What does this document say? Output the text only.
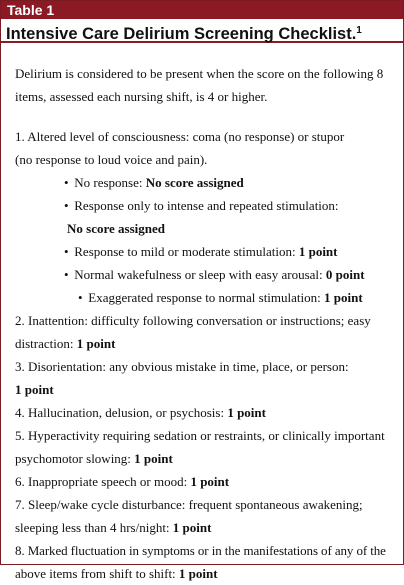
Table 1
Intensive Care Delirium Screening Checklist.$^1$
Delirium is considered to be present when the score on the following 8 items, assessed each nursing shift, is 4 or higher.
1. Altered level of consciousness: coma (no response) or stupor
(no response to loud voice and pain).
• No response: No score assigned
• Response only to intense and repeated stimulation:
No score assigned
• Response to mild or moderate stimulation: 1 point
• Normal wakefulness or sleep with easy arousal: 0 point
• Exaggerated response to normal stimulation: 1 point
2. Inattention: difficulty following conversation or instructions; easy
distraction: 1 point
3. Disorientation: any obvious mistake in time, place, or person:
1 point
4. Hallucination, delusion, or psychosis: 1 point
5. Hyperactivity requiring sedation or restraints, or clinically important
psychomotor slowing: 1 point
6. Inappropriate speech or mood: 1 point
7. Sleep/wake cycle disturbance: frequent spontaneous awakening;
sleeping less than 4 hrs/night: 1 point
8. Marked fluctuation in symptoms or in the manifestations of any of the
above items from shift to shift: 1 point
